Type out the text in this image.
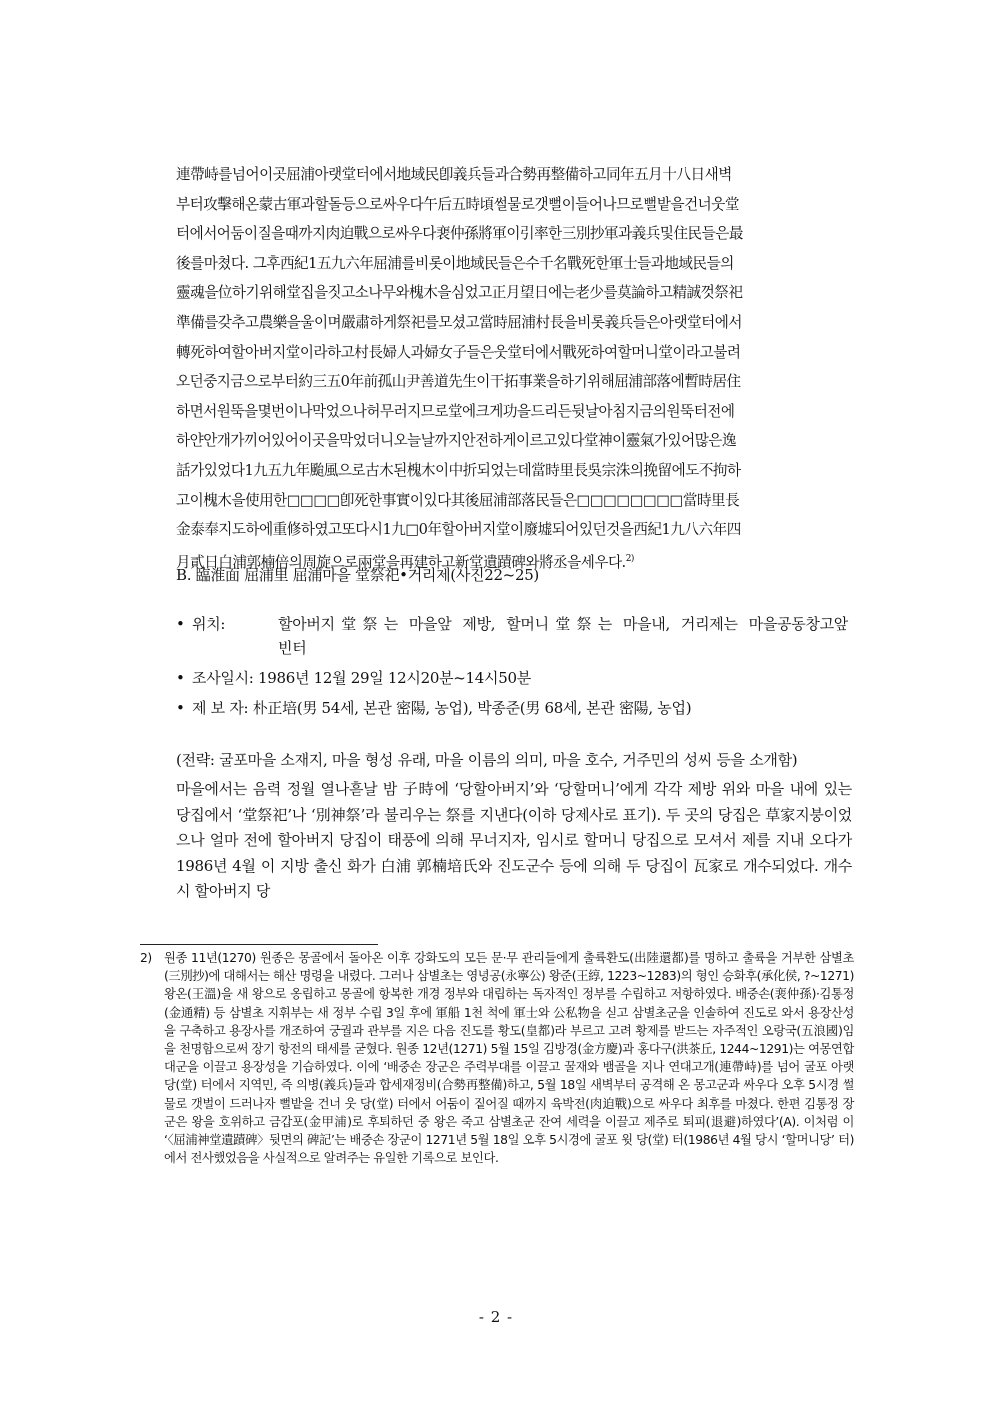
連帶峙를넘어이곳屈浦아랫堂터에서地域民卽義兵들과合勢再整備하고同年五月十八日새벽

부터攻擊해온蒙古軍과할돌등으로싸우다午后五時頃썰물로갯뻘이들어나므로뻘밭을건너웃堂

터에서어둠이질을때까지肉迫戰으로싸우다裵仲孫將軍이引率한三別抄軍과義兵및住民들은最

後를마쳤다. 그후西紀1五九六年屈浦를비롯이地域民들은수千名戰死한軍士들과地域民들의

靈魂을位하기위해堂집을짓고소나무와槐木을심었고正月望日에는老少를莫論하고精誠껏祭祀

準備를갖추고農樂을울이며嚴肅하게祭祀를모셨고當時屈浦村長을비롯義兵들은아랫堂터에서

轉死하여할아버지堂이라하고村長婦人과婦女子들은웃堂터에서戰死하여할머니堂이라고불려

오던중지금으로부터約三五0年前孤山尹善道先生이干拓事業을하기위해屈浦部落에暫時居住

하면서원뚝을몇번이나막었으나허무러지므로堂에크게功을드리든뒷날아침지금의원뚝터전에

하얀안개가끼어있어이곳을막었더니오늘날까지안전하게이르고있다堂神이靈氣가있어많은逸

話가있었다1九五九年颱風으로古木된槐木이中折되었는데當時里長吳宗洙의挽留에도不拘하

고이槐木을使用한□□□□卽死한事實이있다其後屈浦部落民들은□□□□□□□□當時里長

金泰奉지도하에重修하였고또다시1九□0年할아버지堂이廢墟되어있던것을西紀1九八六年四

月貳日白浦郭楠倍의周旋으로兩堂을再建하고新堂遺蹟碑와將丞을세우다.$^{2)}$

B. 臨淮面 屈浦里 屈浦마을 堂祭祀•거리제(사진22~25)
• 위치:	할아버지堂祭는 마을앞 제방, 할머니堂祭는 마을내, 거리제는 마을공동창고앞
빈터
• 조사일시: 1986년 12월 29일 12시20분~14시50분
• 제 보 자: 朴正培(男 54세, 본관 密陽, 농업), 박종준(男 68세, 본관 密陽, 농업)

(전략: 굴포마을 소재지, 마을 형성 유래, 마을 이름의 의미, 마을 호수, 거주민의 성씨 등을 소개함)

마을에서는 음력 정월 열나흗날 밤 子時에 ‘당할아버지’와 ‘당할머니’에게 각각 제방 위와 마을 내에 있는 당집에서 ‘堂祭祀’나 ‘別神祭’라 불리우는 祭를 지낸다(이하 당제사로 표기). 두 곳의 당집은 草家지붕이었으나 얼마 전에 할아버지 당집이 태풍에 의해 무너지자, 임시로 할머니 당집으로 모셔서 제를 지내 오다가 1986년 4월 이 지방 출신 화가 白浦 郭楠培氏와 진도군수 등에 의해 두 당집이 瓦家로 개수되었다. 개수 시 할아버지 당

2) 원종 11년(1270) 원종은 몽골에서 돌아온 이후 강화도의 모든 문·무 관리들에게 출륙환도(出陸還都)를 명하고 출륙을 거부한 삼별초(三別抄)에 대해서는 해산 명령을 내렸다. 그러나 삼별초는 영녕공(永寧公) 왕준(王綧, 1223~1283)의 형인 승화후(承化侯, ?~1271) 왕온(王溫)을 새 왕으로 옹립하고 몽골에 항복한 개경 정부와 대립하는 독자적인 정부를 수립하고 저항하였다. 배중손(裵仲孫)·김통정(金通精) 등 삼별초 지휘부는 새 정부 수립 3일 후에 軍船 1천 척에 軍士와 公私物을 싣고 삼별초군을 인솔하여 진도로 와서 용장산성을 구축하고 용장사를 개조하여 궁궐과 관부를 지은 다음 진도를 황도(皇都)라 부르고 고려 황제를 받드는 자주적인 오랑국(五浪國)임을 천명함으로써 장기 항전의 태세를 굳혔다. 원종 12년(1271) 5월 15일 김방경(金方慶)과 홍다구(洪茶丘, 1244~1291)는 여몽연합대군을 이끌고 용장성을 기습하였다. 이에 ‘배중손 장군은 주력부대를 이끌고 꿀재와 뱀골을 지나 연대고개(連帶峙)를 넘어 굴포 아랫 당(堂) 터에서 지역민, 즉 의병(義兵)들과 합세재정비(合勢再整備)하고, 5월 18일 새벽부터 공격해 온 몽고군과 싸우다 오후 5시경 썰물로 갯벌이 드러나자 뻘밭을 건너 웃 당(堂) 터에서 어둠이 짙어질 때까지 육박전(肉迫戰)으로 싸우다 최후를 마쳤다. 한편 김통정 장군은 왕을 호위하고 금갑포(金甲浦)로 후퇴하던 중 왕은 죽고 삼별초군 잔여 세력을 이끌고 제주로 퇴피(退避)하였다’(A). 이처럼 이 ‘〈屈浦神堂遺蹟碑〉뒷면의 碑記’는 배중손 장군이 1271년 5월 18일 오후 5시경에 굴포 윗 당(堂) 터(1986년 4월 당시 ‘할머니당’ 터)에서 전사했었음을 사실적으로 알려주는 유일한 기록으로 보인다.
- 2 -
